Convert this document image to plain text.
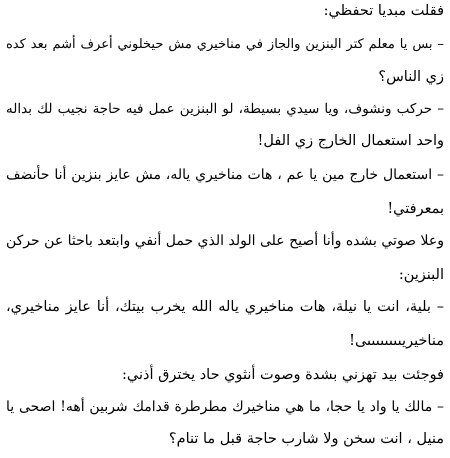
فقلت مبديا تحفظي:
– بس يا معلم كتر البنزين والجاز في مناخيري مش حيخلوني أعرف أشم بعد كده
زي الناس؟
– حركب ونشوف، ويا سيدي بسيطة، لو البنزين عمل فيه حاجة نجيب لك بداله
واحد استعمال الخارج زي الفل!
– استعمال خارج مين يا عم ، هات مناخيري ياله، مش عايز بنزين أنا حأنضف
بمعرفتي!
وعلا صوتي بشده وأنا أصيح على الولد الذي حمل أنفي وابتعد باحثا عن حركن
البنزين:
– بلية، انت يا نيلة، هات مناخيري ياله الله يخرب بيتك، أنا عايز مناخيري،
مناخيريىىىىىىىىى!
فوجئت بيد تهزني بشدة وصوت أنثوي حاد يخترق أذني:
– مالك يا واد يا حجا، ما هي مناخيرك مطرطرة قدامك شربين أهه! اصحى يا
منيل ، انت سخن ولا شارب حاجة قبل ما تنام؟
